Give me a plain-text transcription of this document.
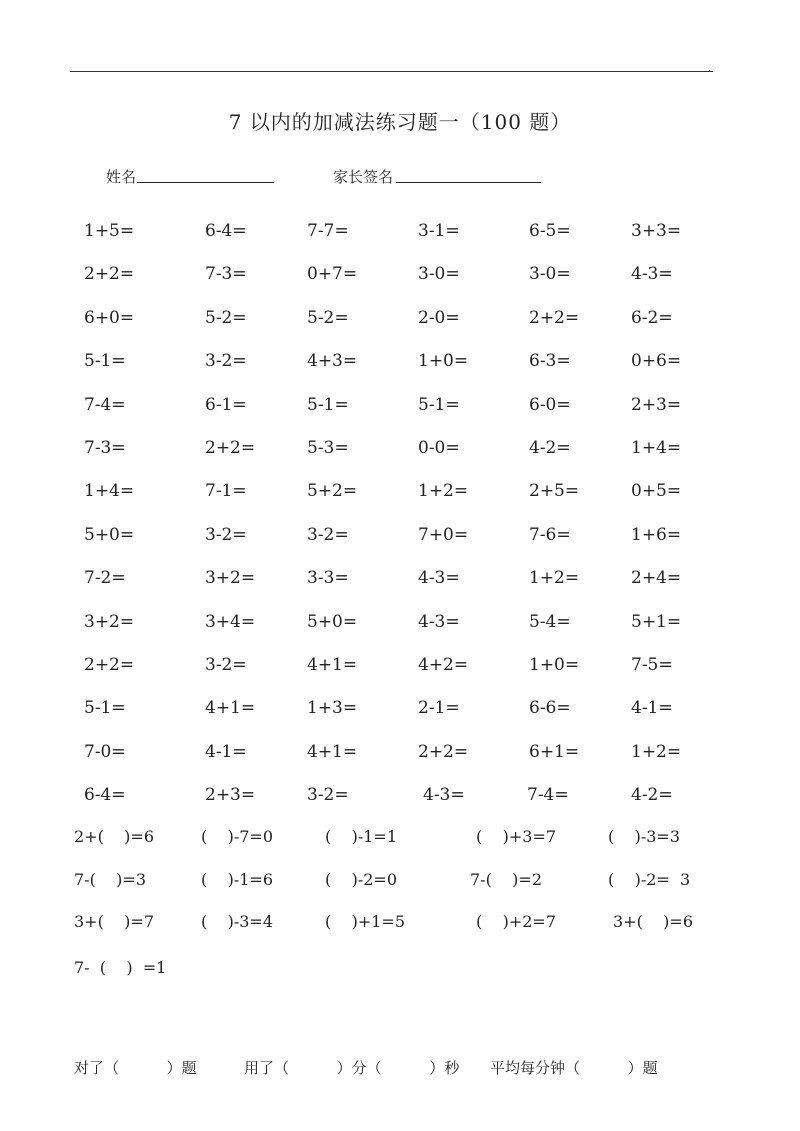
.
7 以内的加减法练习题一（100 题）
姓名	家长签名
1+5=	6-4=	7-7=	3-1=	6-5=	3+3=
2+2=	7-3=	0+7=	3-0=	3-0=	4-3=
6+0=	5-2=	5-2=	2-0=	2+2=	6-2=
5-1=	3-2=	4+3=	1+0=	6-3=	0+6=
7-4=	6-1=	5-1=	5-1=	6-0=	2+3=
7-3=	2+2=	5-3=	0-0=	4-2=	1+4=
1+4=	7-1=	5+2=	1+2=	2+5=	0+5=
5+0=	3-2=	3-2=	7+0=	7-6=	1+6=
7-2=	3+2=	3-3=	4-3=	1+2=	2+4=
3+2=	3+4=	5+0=	4-3=	5-4=	5+1=
2+2=	3-2=	4+1=	4+2=	1+0=	7-5=
5-1=	4+1=	1+3=	2-1=	6-6=	4-1=
7-0=	4-1=	4+1=	2+2=	6+1=	1+2=
6-4=	2+3=	3-2=	4-3=	7-4=	4-2=
2+(    )=6	(    )-7=0	(    )-1=1	(    )+3=7	(    )-3=3
7-(    )=3	(    )-1=6	(    )-2=0	7-(    )=2	(    )-2=  3
3+(    )=7	(    )-3=4	(    )+1=5	(    )+2=7	3+(    )=6
7-  (    )  =1
对了（          ）题	用了（          ）分（          ）秒 平均每分钟（          ）题
